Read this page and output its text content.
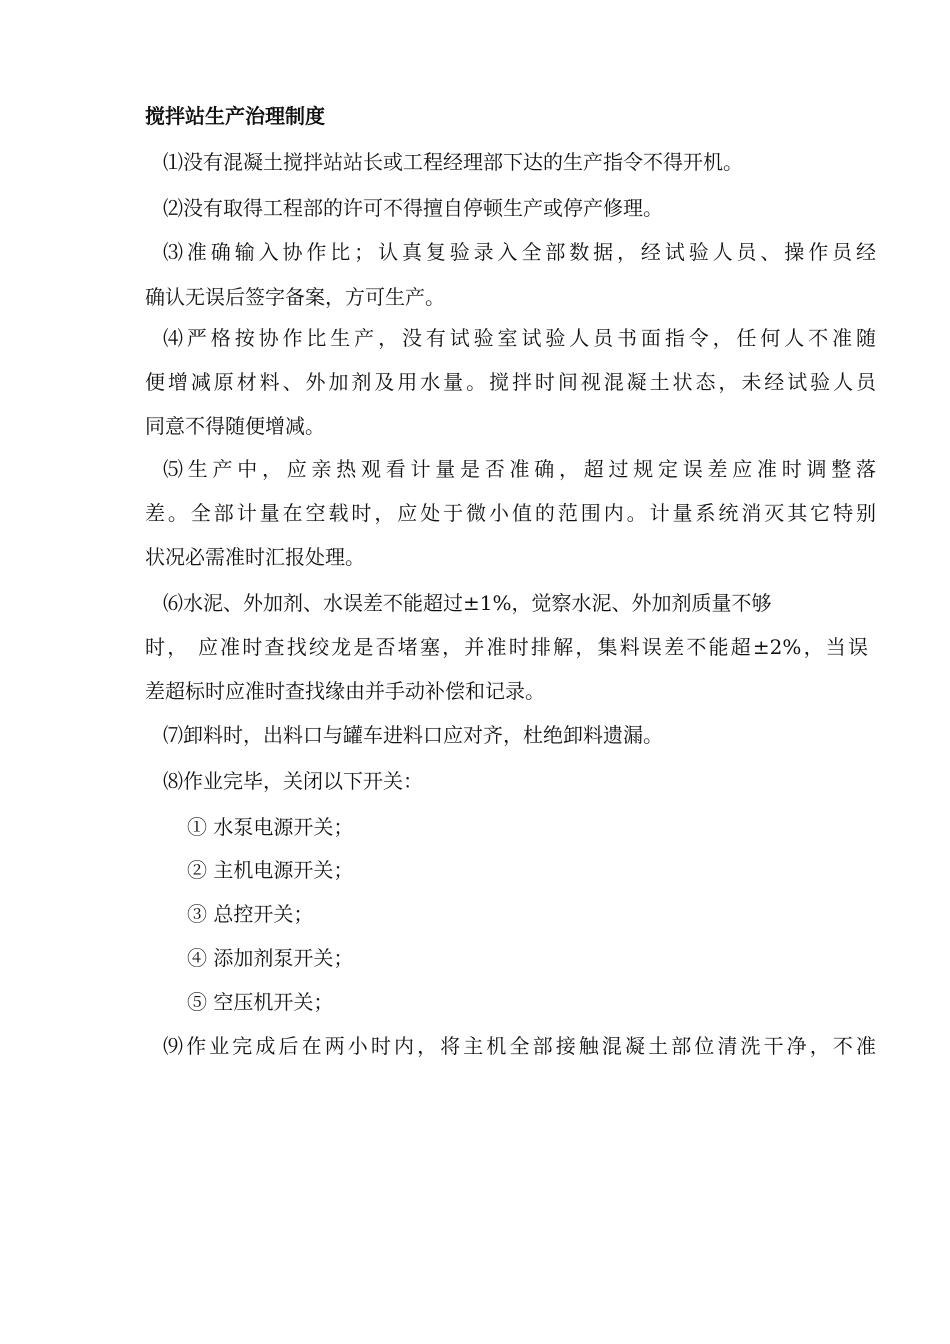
搅拌站生产治理制度
⑴没有混凝土搅拌站站长或工程经理部下达的生产指令不得开机。
⑵没有取得工程部的许可不得擅自停顿生产或停产修理。
⑶准确输入协作比；认真复验录入全部数据，经试验人员、操作员经
确认无误后签字备案，方可生产。
⑷严格按协作比生产，没有试验室试验人员书面指令，任何人不准随
便增减原材料、外加剂及用水量。搅拌时间视混凝土状态，未经试验人员
同意不得随便增减。
⑸生产中，应亲热观看计量是否准确，超过规定误差应准时调整落
差。全部计量在空载时，应处于微小值的范围内。计量系统消灭其它特别
状况必需准时汇报处理。
⑹水泥、外加剂、水误差不能超过±1%，觉察水泥、外加剂质量不够
时， 应准时查找绞龙是否堵塞，并准时排解，集料误差不能超±2%，当误
差超标时应准时查找缘由并手动补偿和记录。
⑺卸料时，出料口与罐车进料口应对齐，杜绝卸料遗漏。
⑻作业完毕，关闭以下开关：
① 水泵电源开关；
② 主机电源开关；
③ 总控开关；
④ 添加剂泵开关；
⑤ 空压机开关；
⑼作业完成后在两小时内，将主机全部接触混凝土部位清洗干净，不准
